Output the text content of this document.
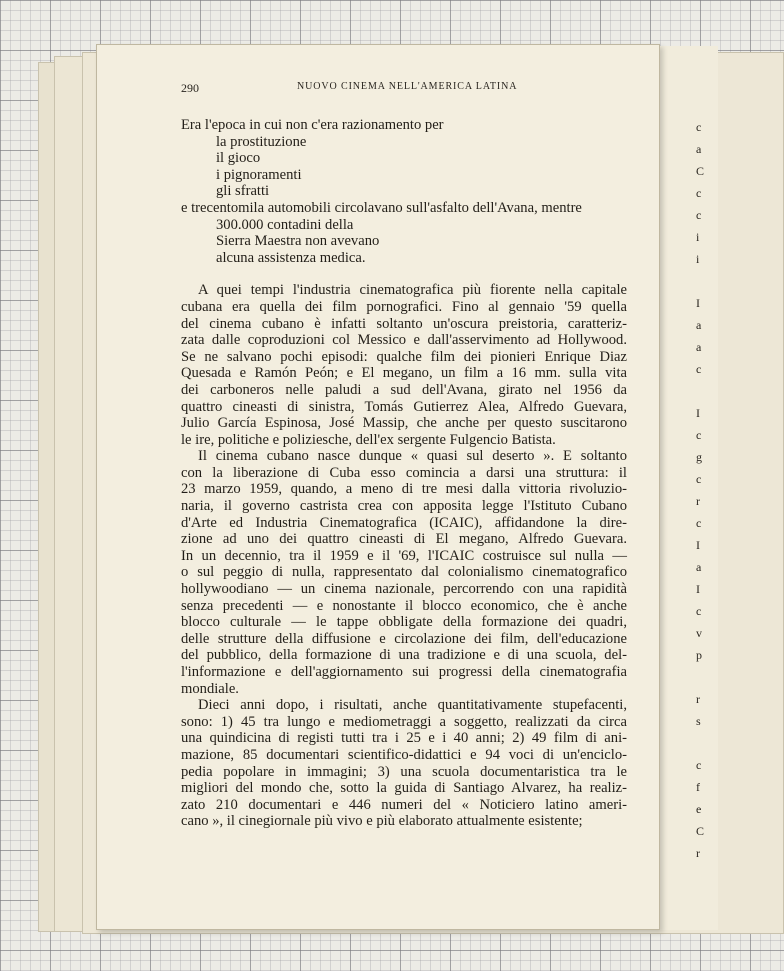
c
a
C
c
c
i
i
I
a
a
c
I
c
g
c
r
c
I
a
I
c
v
p
r
s
c
f
e
C
r
290	NUOVO CINEMA NELL'AMERICA LATINA
Era l'epoca in cui non c'era razionamento per
la prostituzione
il gioco
i pignoramenti
gli sfratti
e trecentomila automobili circolavano sull'asfalto dell'Avana, mentre
300.000 contadini della
Sierra Maestra non avevano
alcuna assistenza medica.
A quei tempi l'industria cinematografica più fiorente nella capitale
cubana era quella dei film pornografici. Fino al gennaio '59 quella
del cinema cubano è infatti soltanto un'oscura preistoria, caratteriz-
zata dalle coproduzioni col Messico e dall'asservimento ad Hollywood.
Se ne salvano pochi episodi: qualche film dei pionieri Enrique Diaz
Quesada e Ramón Peón; e El megano, un film a 16 mm. sulla vita
dei carboneros nelle paludi a sud dell'Avana, girato nel 1956 da
quattro cineasti di sinistra, Tomás Gutierrez Alea, Alfredo Guevara,
Julio García Espinosa, José Massip, che anche per questo suscitarono
le ire, politiche e poliziesche, dell'ex sergente Fulgencio Batista.
Il cinema cubano nasce dunque « quasi sul deserto ». E soltanto
con la liberazione di Cuba esso comincia a darsi una struttura: il
23 marzo 1959, quando, a meno di tre mesi dalla vittoria rivoluzio-
naria, il governo castrista crea con apposita legge l'Istituto Cubano
d'Arte ed Industria Cinematografica (ICAIC), affidandone la dire-
zione ad uno dei quattro cineasti di El megano, Alfredo Guevara.
In un decennio, tra il 1959 e il '69, l'ICAIC costruisce sul nulla —
o sul peggio di nulla, rappresentato dal colonialismo cinematografico
hollywoodiano — un cinema nazionale, percorrendo con una rapidità
senza precedenti — e nonostante il blocco economico, che è anche
blocco culturale — le tappe obbligate della formazione dei quadri,
delle strutture della diffusione e circolazione dei film, dell'educazione
del pubblico, della formazione di una tradizione e di una scuola, del-
l'informazione e dell'aggiornamento sui progressi della cinematografia
mondiale.
Dieci anni dopo, i risultati, anche quantitativamente stupefacenti,
sono: 1) 45 tra lungo e mediometraggi a soggetto, realizzati da circa
una quindicina di registi tutti tra i 25 e i 40 anni; 2) 49 film di ani-
mazione, 85 documentari scientifico-didattici e 94 voci di un'enciclo-
pedia popolare in immagini; 3) una scuola documentaristica tra le
migliori del mondo che, sotto la guida di Santiago Alvarez, ha realiz-
zato 210 documentari e 446 numeri del « Noticiero latino ameri-
cano », il cinegiornale più vivo e più elaborato attualmente esistente;
